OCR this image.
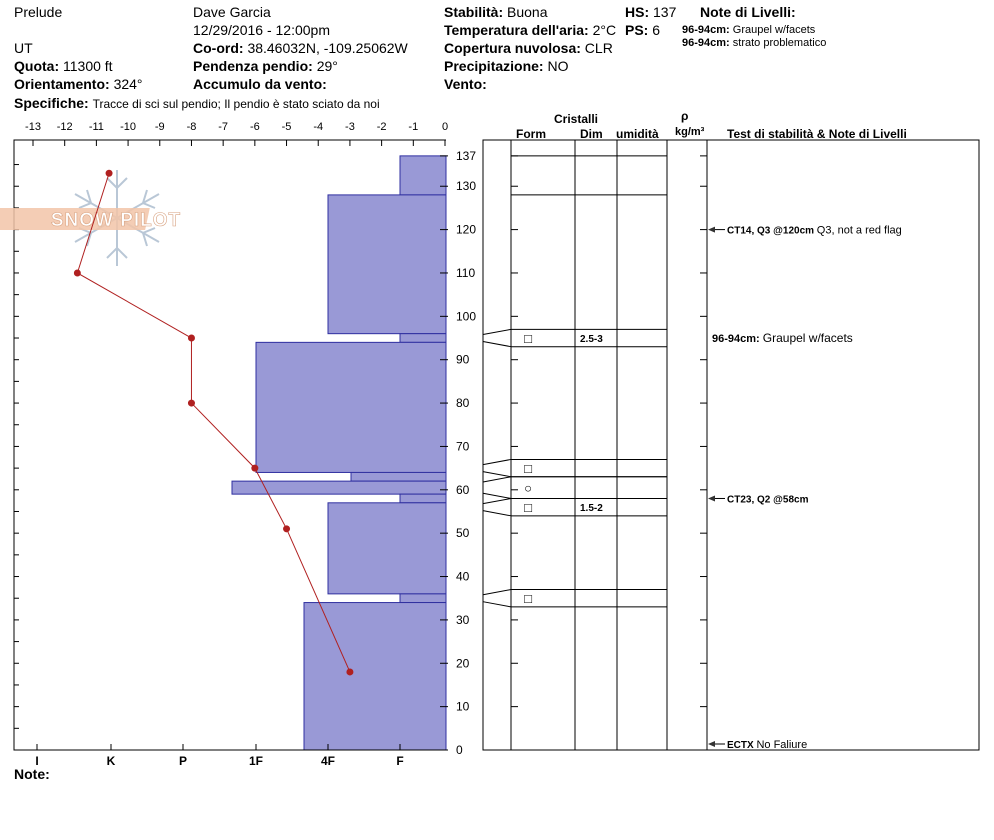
Prelude
UT
Quota: 11300 ft
Orientamento: 324°
Specifiche: Tracce di sci sul pendio; Il pendio è stato sciato da noi
Dave Garcia
12/29/2016 - 12:00pm
Co-ord: 38.46032N, -109.25062W
Pendenza pendio: 29°
Accumulo da vento:
Stabilità: Buona
Temperatura dell'aria: 2°C
Copertura nuvolosa: CLR
Precipitazione: NO
Vento:
HS: 137
PS: 6
Note di Livelli:
96-94cm: Graupel w/facets
96-94cm: strato problematico
Note:
Cristalli
Form	Dim umidità
ρ
kg/m³ Test di stabilità & Note di Livelli
-13 -12 -11 -10 -9 -8 -7 -6 -5 -4 -3 -2 -1 0
0
10
20
30
40
50
60
70
80
90
100
110
120
130
137
I	K	P	1F	4F	F
SNOW PILOT
□	2.5-3
□
○
□	1.5-2
□
CT14, Q3 @120cm Q3, not a red flag
CT23, Q2 @58cm
ECTX No Faliure
96-94cm: Graupel w/facets
